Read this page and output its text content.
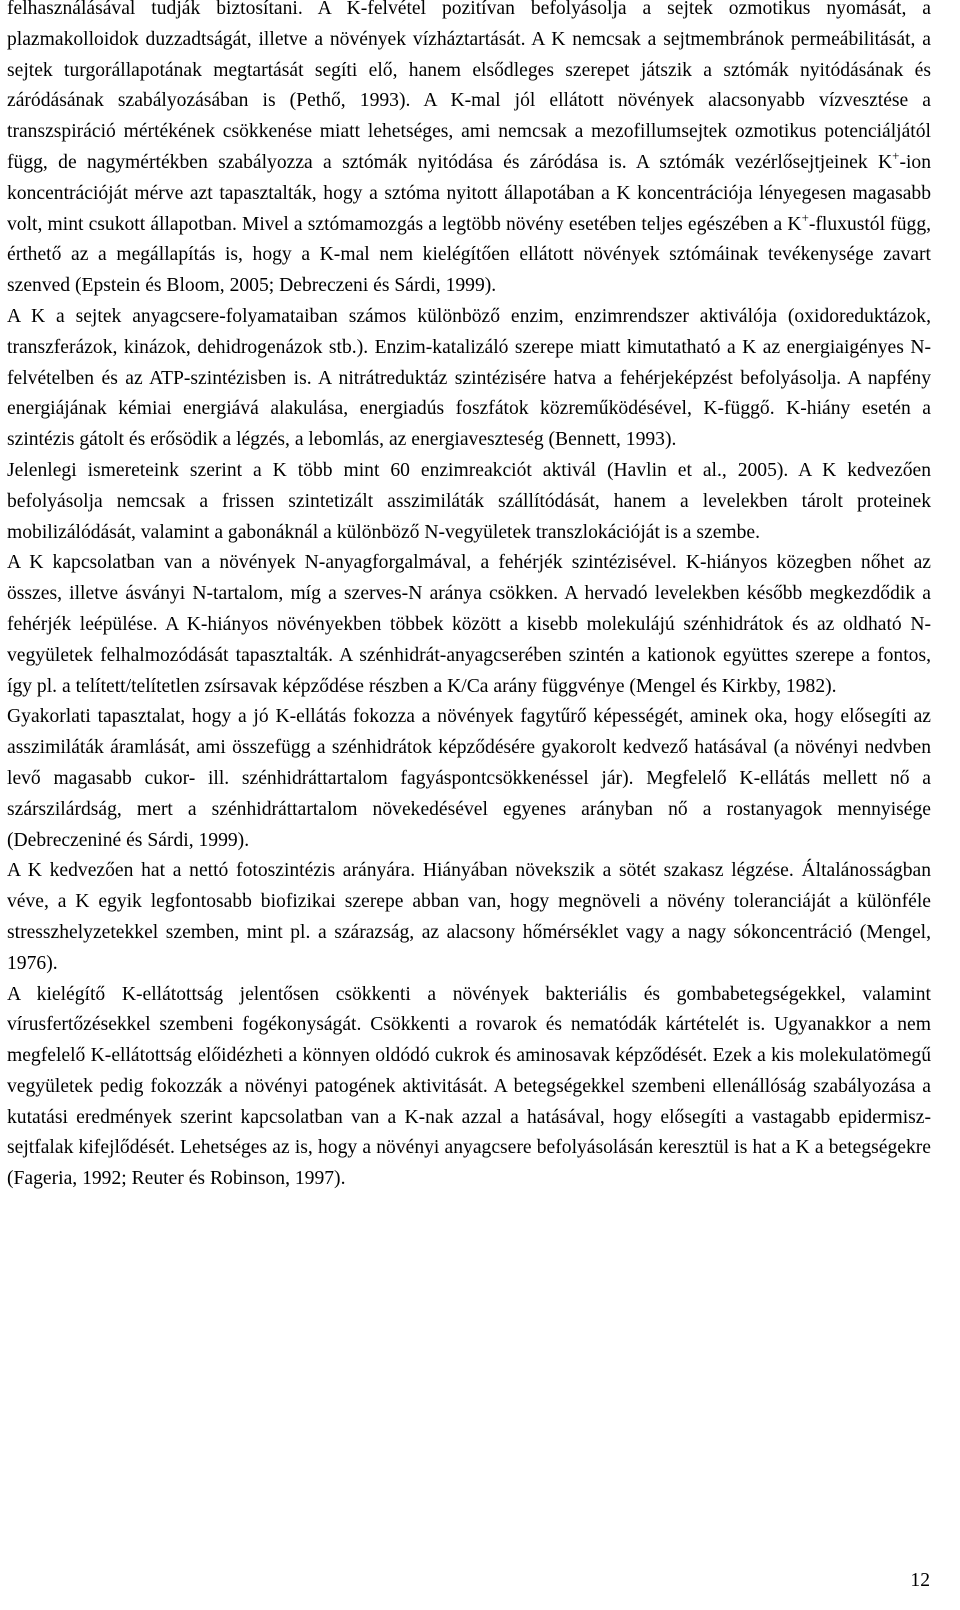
felhasználásával tudják biztosítani. A K-felvétel pozitívan befolyásolja a sejtek ozmotikus nyomását, a plazmakolloidok duzzadtságát, illetve a növények vízháztartását. A K nemcsak a sejtmembránok permeábilitását, a sejtek turgorállapotának megtartását segíti elő, hanem elsődleges szerepet játszik a sztómák nyitódásának és záródásának szabályozásában is (Pethő, 1993). A K-mal jól ellátott növények alacsonyabb vízvesztése a transzspiráció mértékének csökkenése miatt lehetséges, ami nemcsak a mezofillumsejtek ozmotikus potenciáljától függ, de nagymértékben szabályozza a sztómák nyitódása és záródása is. A sztómák vezérlősejtjeinek K+-ion koncentrációját mérve azt tapasztalták, hogy a sztóma nyitott állapotában a K koncentrációja lényegesen magasabb volt, mint csukott állapotban. Mivel a sztómamozgás a legtöbb növény esetében teljes egészében a K+-fluxustól függ, érthető az a megállapítás is, hogy a K-mal nem kielégítően ellátott növények sztómáinak tevékenysége zavart szenved (Epstein és Bloom, 2005; Debreczeni és Sárdi, 1999).

A K a sejtek anyagcsere-folyamataiban számos különböző enzim, enzimrendszer aktiválója (oxidoreduktázok, transzferázok, kinázok, dehidrogenázok stb.). Enzim-katalizáló szerepe miatt kimutatható a K az energiaigényes N-felvételben és az ATP-szintézisben is. A nitrátreduktáz szintézisére hatva a fehérjeképzést befolyásolja. A napfény energiájának kémiai energiává alakulása, energiadús foszfátok közreműködésével, K-függő. K-hiány esetén a szintézis gátolt és erősödik a légzés, a lebomlás, az energiaveszteség (Bennett, 1993).

Jelenlegi ismereteink szerint a K több mint 60 enzimreakciót aktivál (Havlin et al., 2005). A K kedvezően befolyásolja nemcsak a frissen szintetizált asszimiláták szállítódását, hanem a levelekben tárolt proteinek mobilizálódását, valamint a gabonáknál a különböző N-vegyületek transzlokációját is a szembe.

A K kapcsolatban van a növények N-anyagforgalmával, a fehérjék szintézisével. K-hiányos közegben nőhet az összes, illetve ásványi N-tartalom, míg a szerves-N aránya csökken. A hervadó levelekben később megkezdődik a fehérjék leépülése. A K-hiányos növényekben többek között a kisebb molekulájú szénhidrátok és az oldható N-vegyületek felhalmozódását tapasztalták. A szénhidrát-anyagcserében szintén a kationok együttes szerepe a fontos, így pl. a telített/telítetlen zsírsavak képződése részben a K/Ca arány függvénye (Mengel és Kirkby, 1982).

Gyakorlati tapasztalat, hogy a jó K-ellátás fokozza a növények fagytűrő képességét, aminek oka, hogy elősegíti az asszimiláták áramlását, ami összefügg a szénhidrátok képződésére gyakorolt kedvező hatásával (a növényi nedvben levő magasabb cukor- ill. szénhidráttartalom fagyáspontcsökkenéssel jár). Megfelelő K-ellátás mellett nő a szárszilárdság, mert a szénhidráttartalom növekedésével egyenes arányban nő a rostanyagok mennyisége (Debreczeniné és Sárdi, 1999).

A K kedvezően hat a nettó fotoszintézis arányára. Hiányában növekszik a sötét szakasz légzése. Általánosságban véve, a K egyik legfontosabb biofizikai szerepe abban van, hogy megnöveli a növény toleranciáját a különféle stresszhelyzetekkel szemben, mint pl. a szárazság, az alacsony hőmérséklet vagy a nagy sókoncentráció (Mengel, 1976).

A kielégítő K-ellátottság jelentősen csökkenti a növények bakteriális és gombabetegségekkel, valamint vírusfertőzésekkel szembeni fogékonyságát. Csökkenti a rovarok és nematódák kártételét is. Ugyanakkor a nem megfelelő K-ellátottság előidézheti a könnyen oldódó cukrok és aminosavak képződését. Ezek a kis molekulatömegű vegyületek pedig fokozzák a növényi patogének aktivitását. A betegségekkel szembeni ellenállóság szabályozása a kutatási eredmények szerint kapcsolatban van a K-nak azzal a hatásával, hogy elősegíti a vastagabb epidermisz-sejtfalak kifejlődését. Lehetséges az is, hogy a növényi anyagcsere befolyásolásán keresztül is hat a K a betegségekre (Fageria, 1992; Reuter és Robinson, 1997).

12
